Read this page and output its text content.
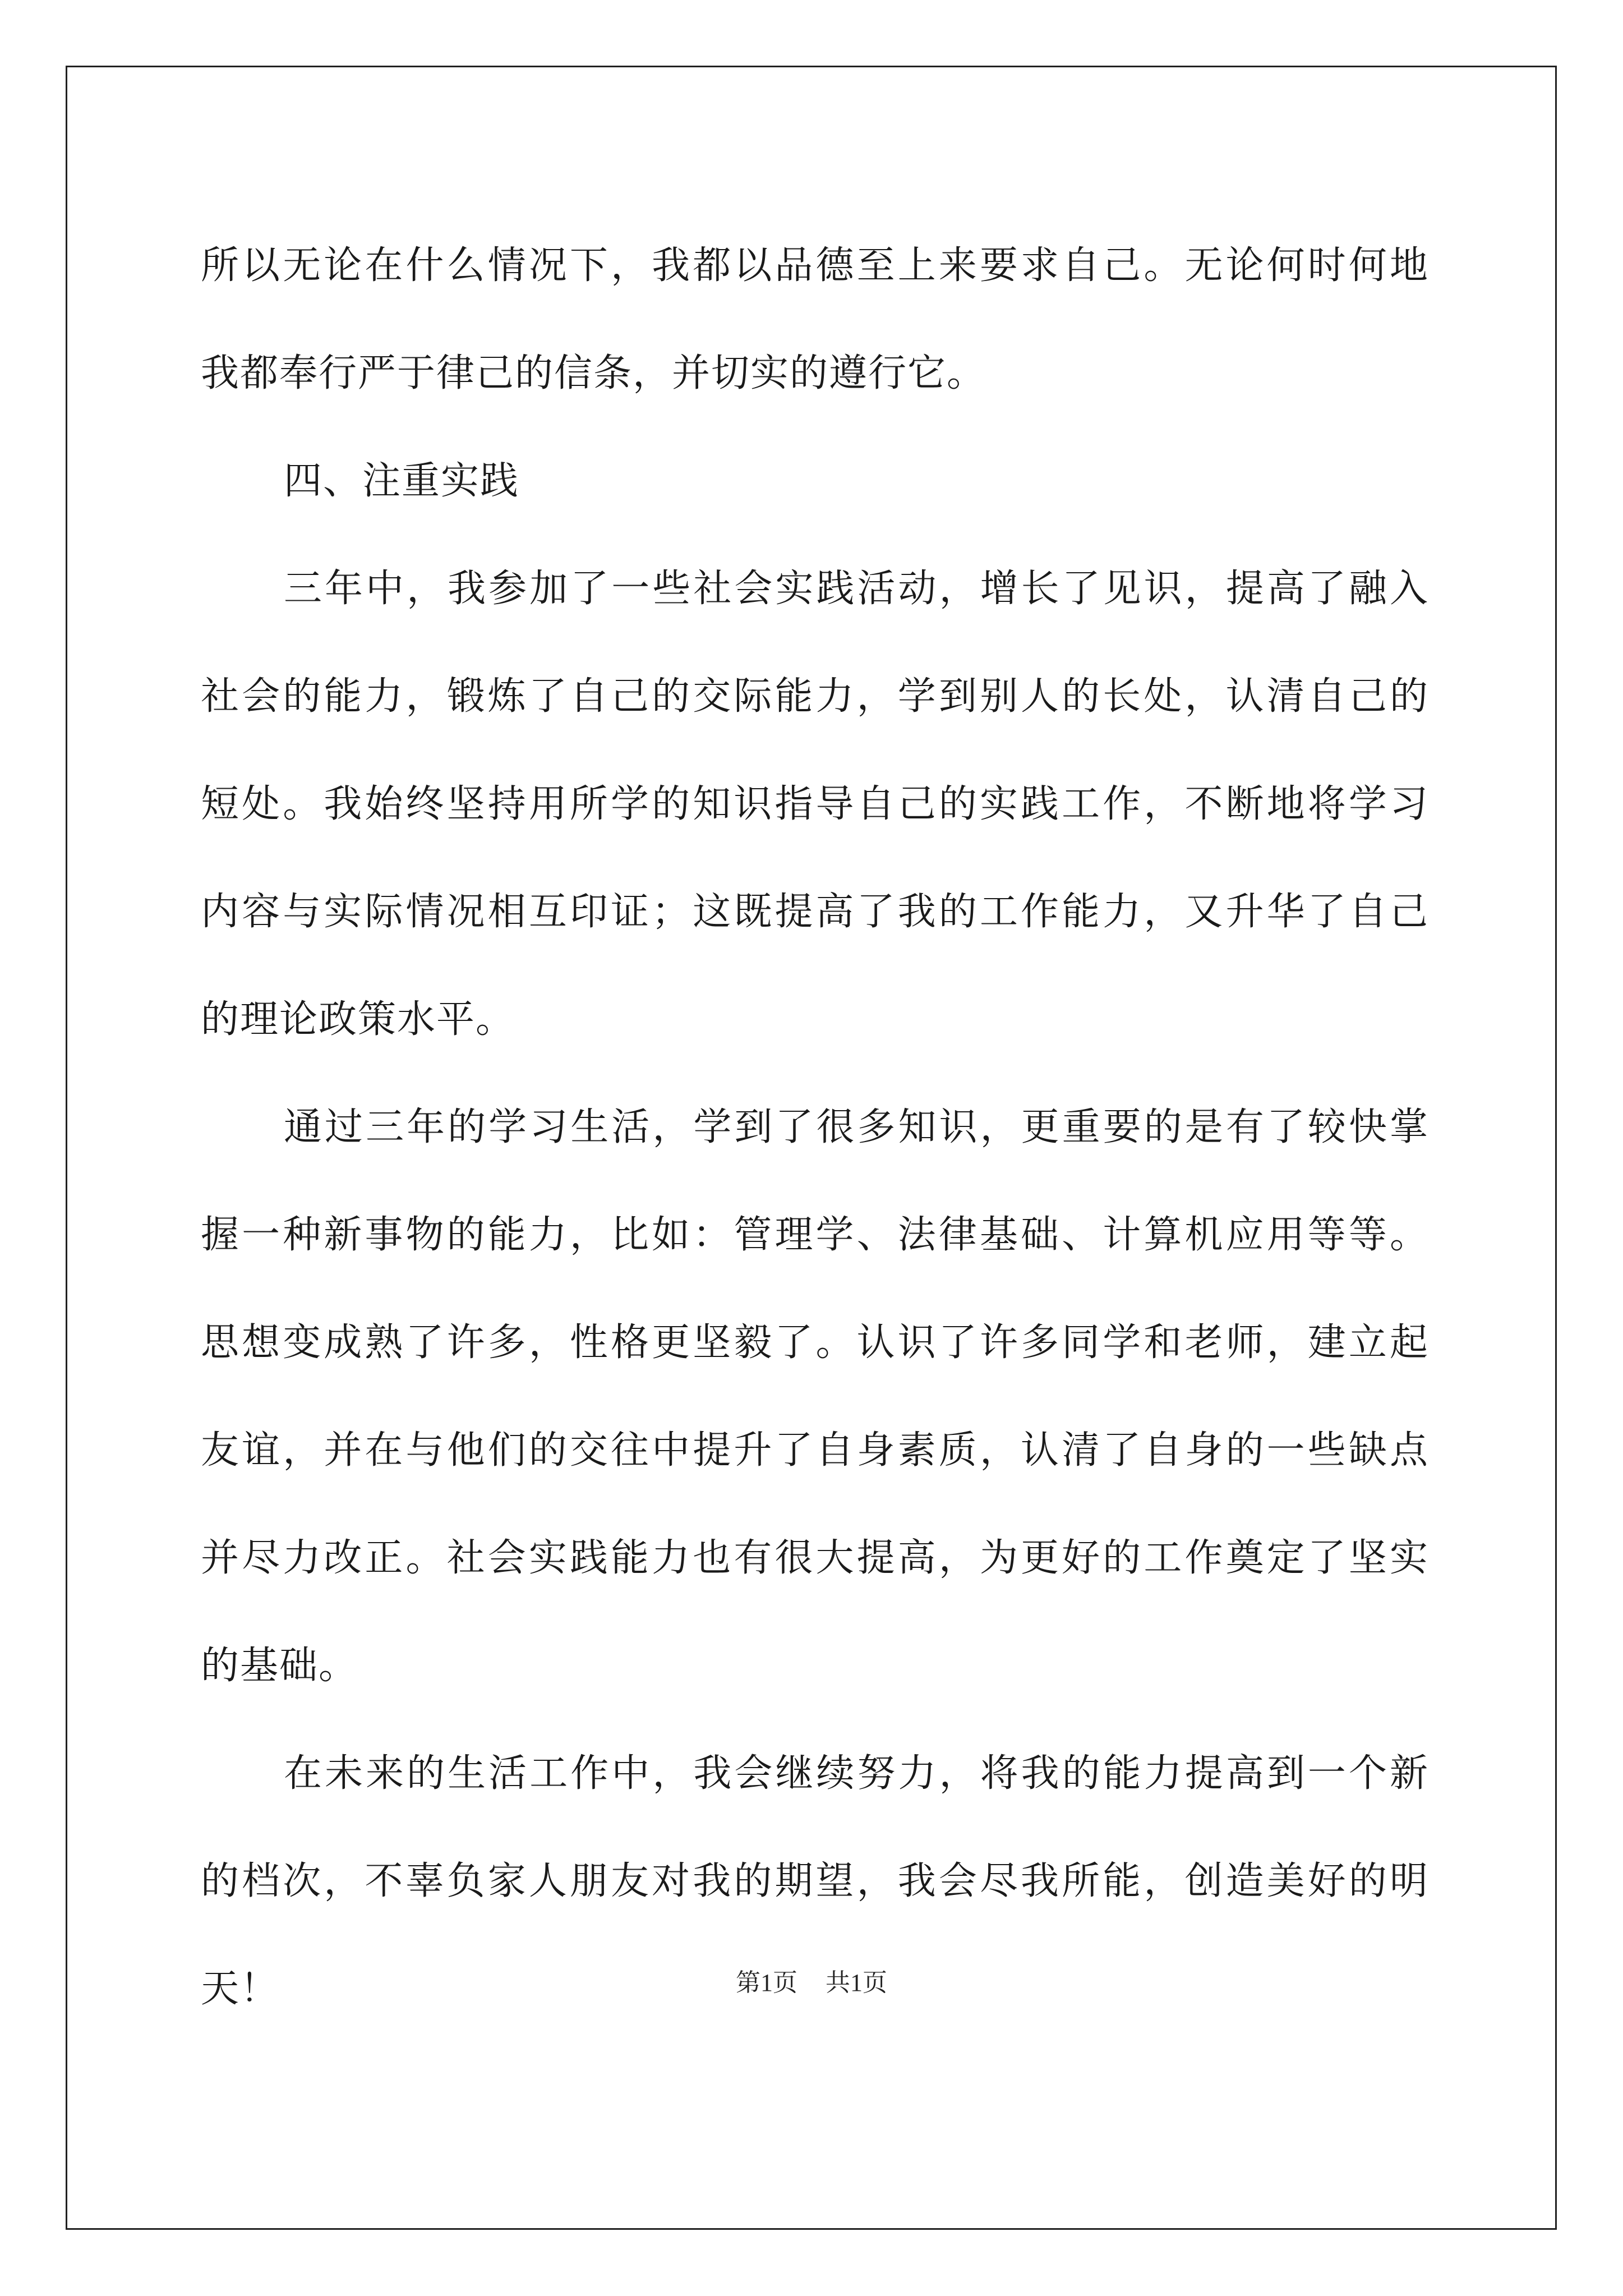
所以无论在什么情况下，我都以品德至上来要求自己。无论何时何地
我都奉行严于律己的信条，并切实的遵行它。
四、注重实践
三年中，我参加了一些社会实践活动，增长了见识，提高了融入
社会的能力，锻炼了自己的交际能力，学到别人的长处，认清自己的
短处。我始终坚持用所学的知识指导自己的实践工作，不断地将学习
内容与实际情况相互印证；这既提高了我的工作能力，又升华了自己
的理论政策水平。
通过三年的学习生活，学到了很多知识，更重要的是有了较快掌
握一种新事物的能力，比如：管理学、法律基础、计算机应用等等。
思想变成熟了许多，性格更坚毅了。认识了许多同学和老师，建立起
友谊，并在与他们的交往中提升了自身素质，认清了自身的一些缺点
并尽力改正。社会实践能力也有很大提高，为更好的工作奠定了坚实
的基础。
在未来的生活工作中，我会继续努力，将我的能力提高到一个新
的档次，不辜负家人朋友对我的期望，我会尽我所能，创造美好的明
天！	第1页 共1页
